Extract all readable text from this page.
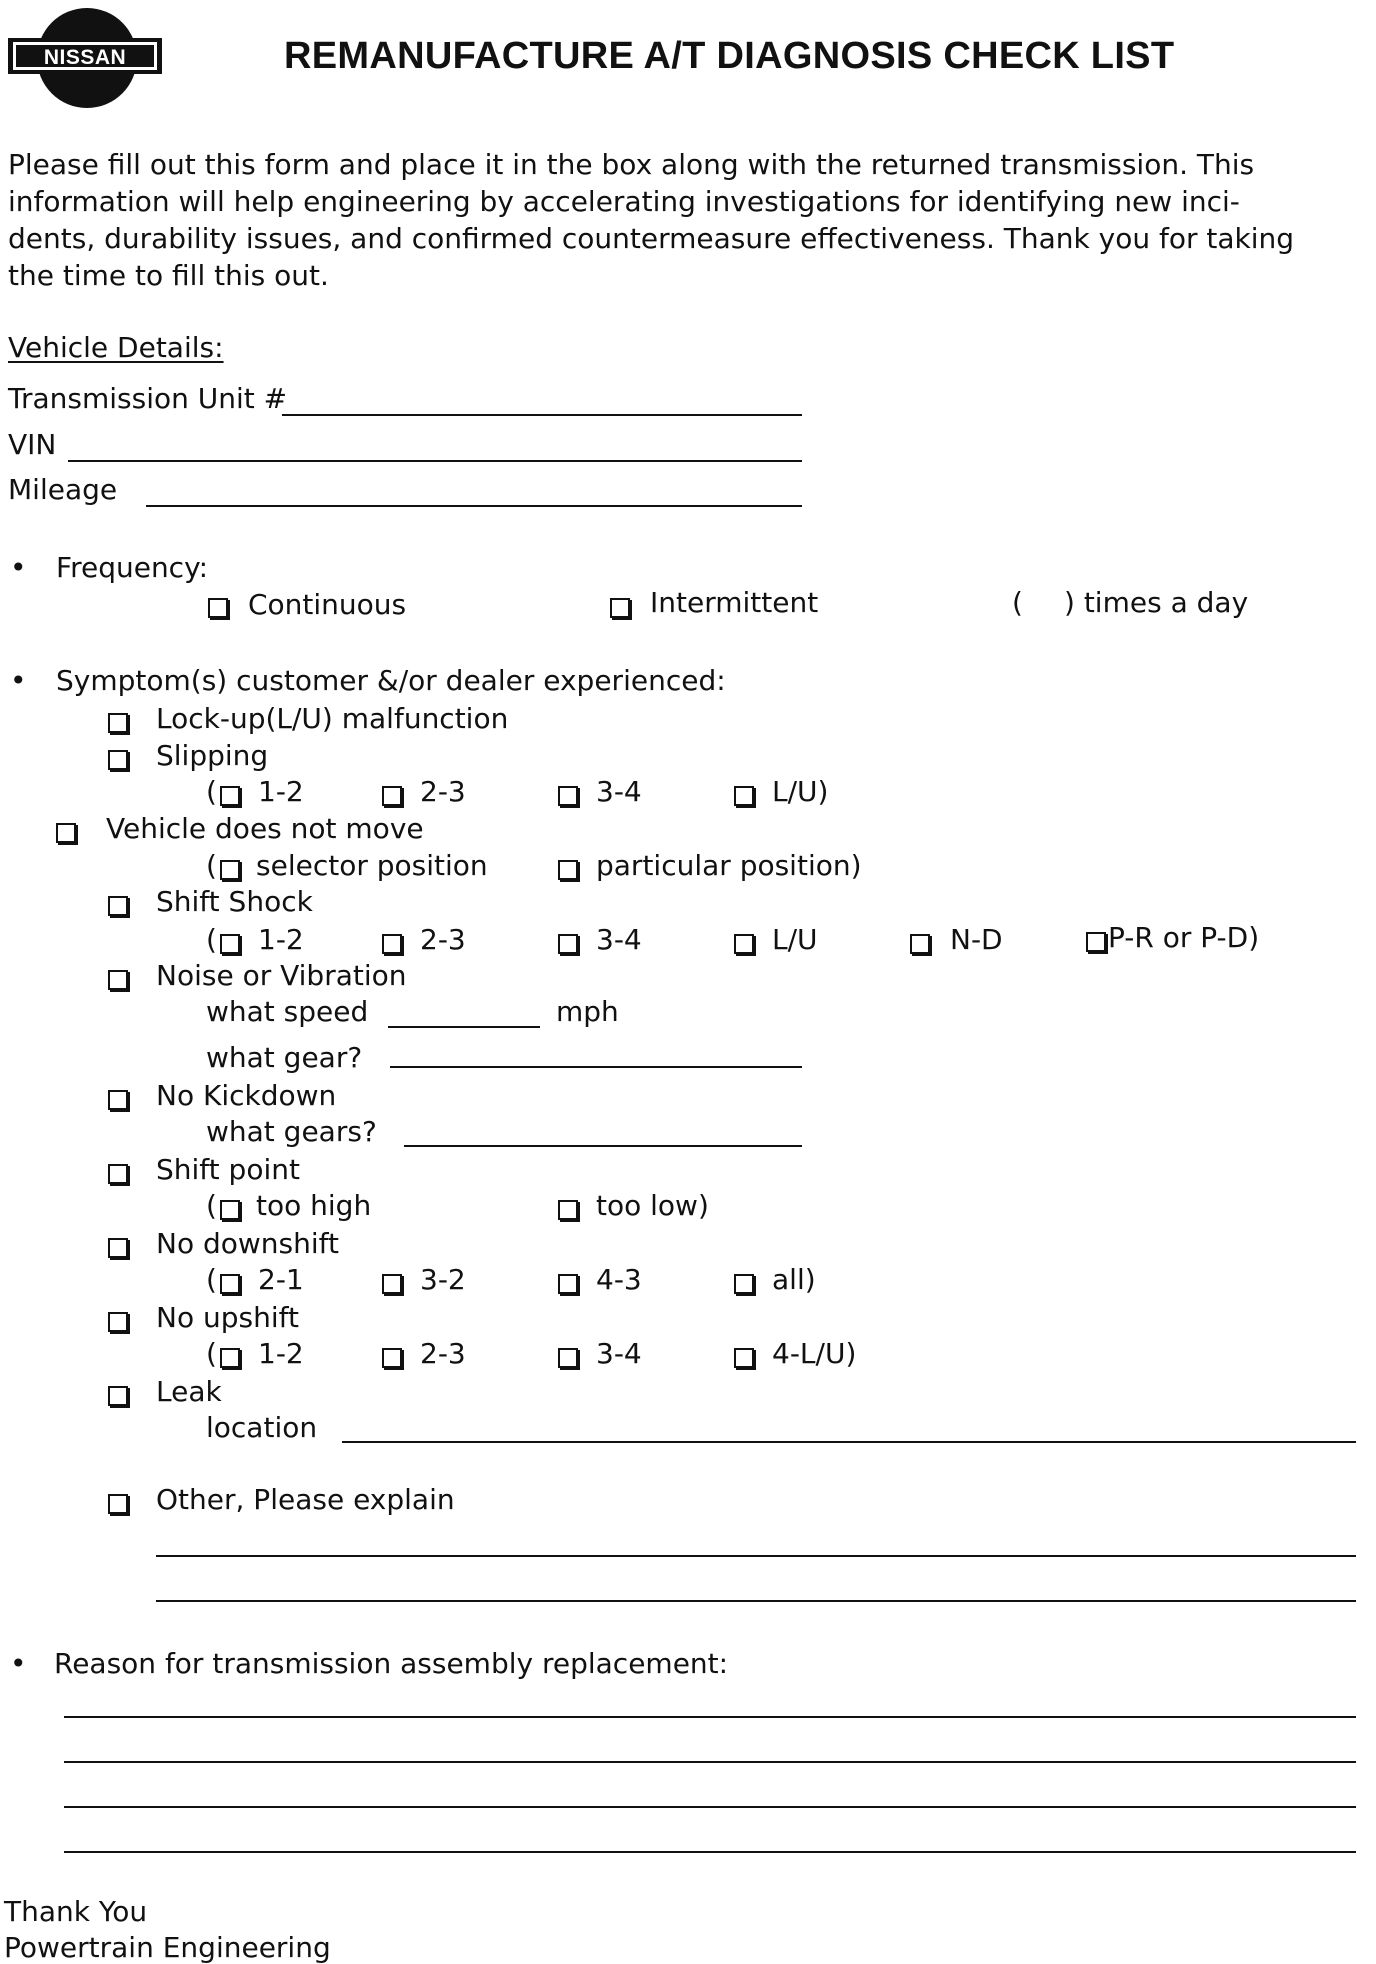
NISSAN	REMANUFACTURE A/T DIAGNOSIS CHECK LIST

Please fill out this form and place it in the box along with the returned transmission. This

information will help engineering by accelerating investigations for identifying new inci-

dents, durability issues, and confirmed countermeasure effectiveness. Thank you for taking

the time to fill this out.

Vehicle Details:
Transmission Unit #
VIN
Mileage
• Frequency:
Continuous	Intermittent	( ) times a day
• Symptom(s) customer &/or dealer experienced:
Lock-up(L/U) malfunction
Slipping
( 1-2	2-3	3-4	L/U)
Vehicle does not move
( selector position	particular position)
Shift Shock
( 1-2	2-3	3-4	L/U	N-D	P-R or P-D)
Noise or Vibration
what speed	mph
what gear?
No Kickdown
what gears?
Shift point
( too high	too low)
No downshift
( 2-1	3-2	4-3	all)
No upshift
( 1-2	2-3	3-4	4-L/U)
Leak
location
Other, Please explain
• Reason for transmission assembly replacement:
Thank You
Powertrain Engineering
